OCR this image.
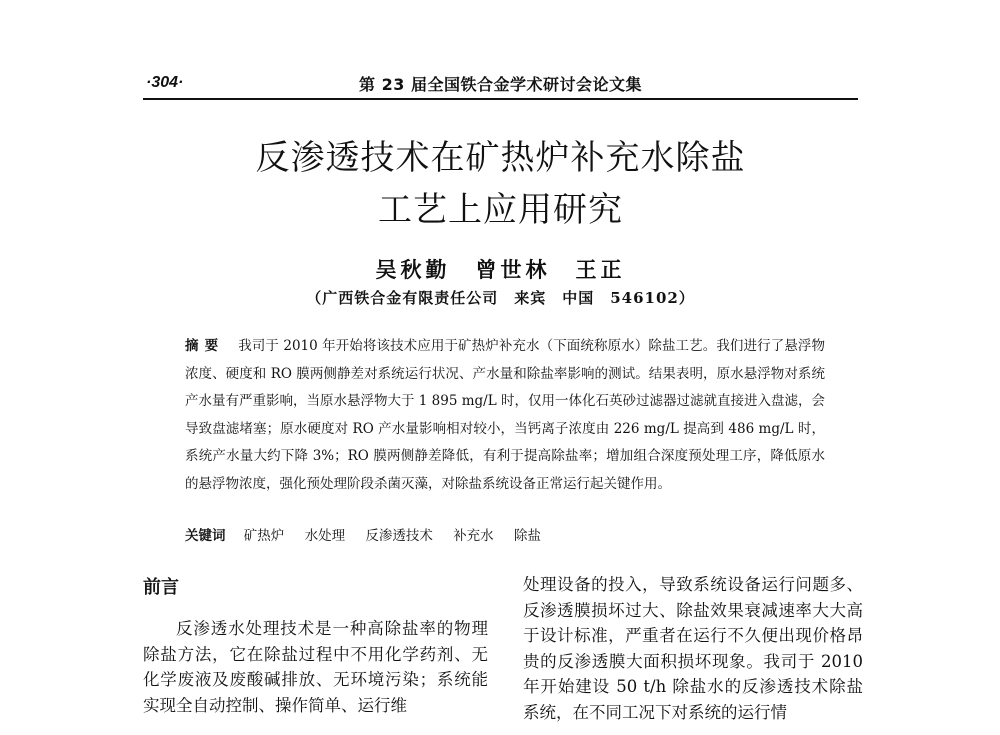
·304·	第 23 届全国铁合金学术研讨会论文集
反渗透技术在矿热炉补充水除盐
工艺上应用研究
吴秋勤　曾世林　王正
（广西铁合金有限责任公司　来宾　中国　546102）
摘要 我司于 2010 年开始将该技术应用于矿热炉补充水（下面统称原水）除盐工艺。我们进行了悬浮物浓度、硬度和 RO 膜两侧静差对系统运行状况、产水量和除盐率影响的测试。结果表明，原水悬浮物对系统产水量有严重影响，当原水悬浮物大于 1 895 mg/L 时，仅用一体化石英砂过滤器过滤就直接进入盘滤，会导致盘滤堵塞；原水硬度对 RO 产水量影响相对较小，当钙离子浓度由 226 mg/L 提高到 486 mg/L 时，系统产水量大约下降 3%；RO 膜两侧静差降低，有利于提高除盐率；增加组合深度预处理工序，降低原水的悬浮物浓度，强化预处理阶段杀菌灭藻，对除盐系统设备正常运行起关键作用。
关键词 矿热炉 水处理 反渗透技术 补充水 除盐
前言

反渗透水处理技术是一种高除盐率的物理除盐方法，它在除盐过程中不用化学药剂、无化学废液及废酸碱排放、无环境污染；系统能实现全自动控制、操作简单、运行维

处理设备的投入，导致系统设备运行问题多、反渗透膜损坏过大、除盐效果衰减速率大大高于设计标准，严重者在运行不久便出现价格昂贵的反渗透膜大面积损坏现象。我司于 2010 年开始建设 50 t/h 除盐水的反渗透技术除盐系统，在不同工况下对系统的运行情
